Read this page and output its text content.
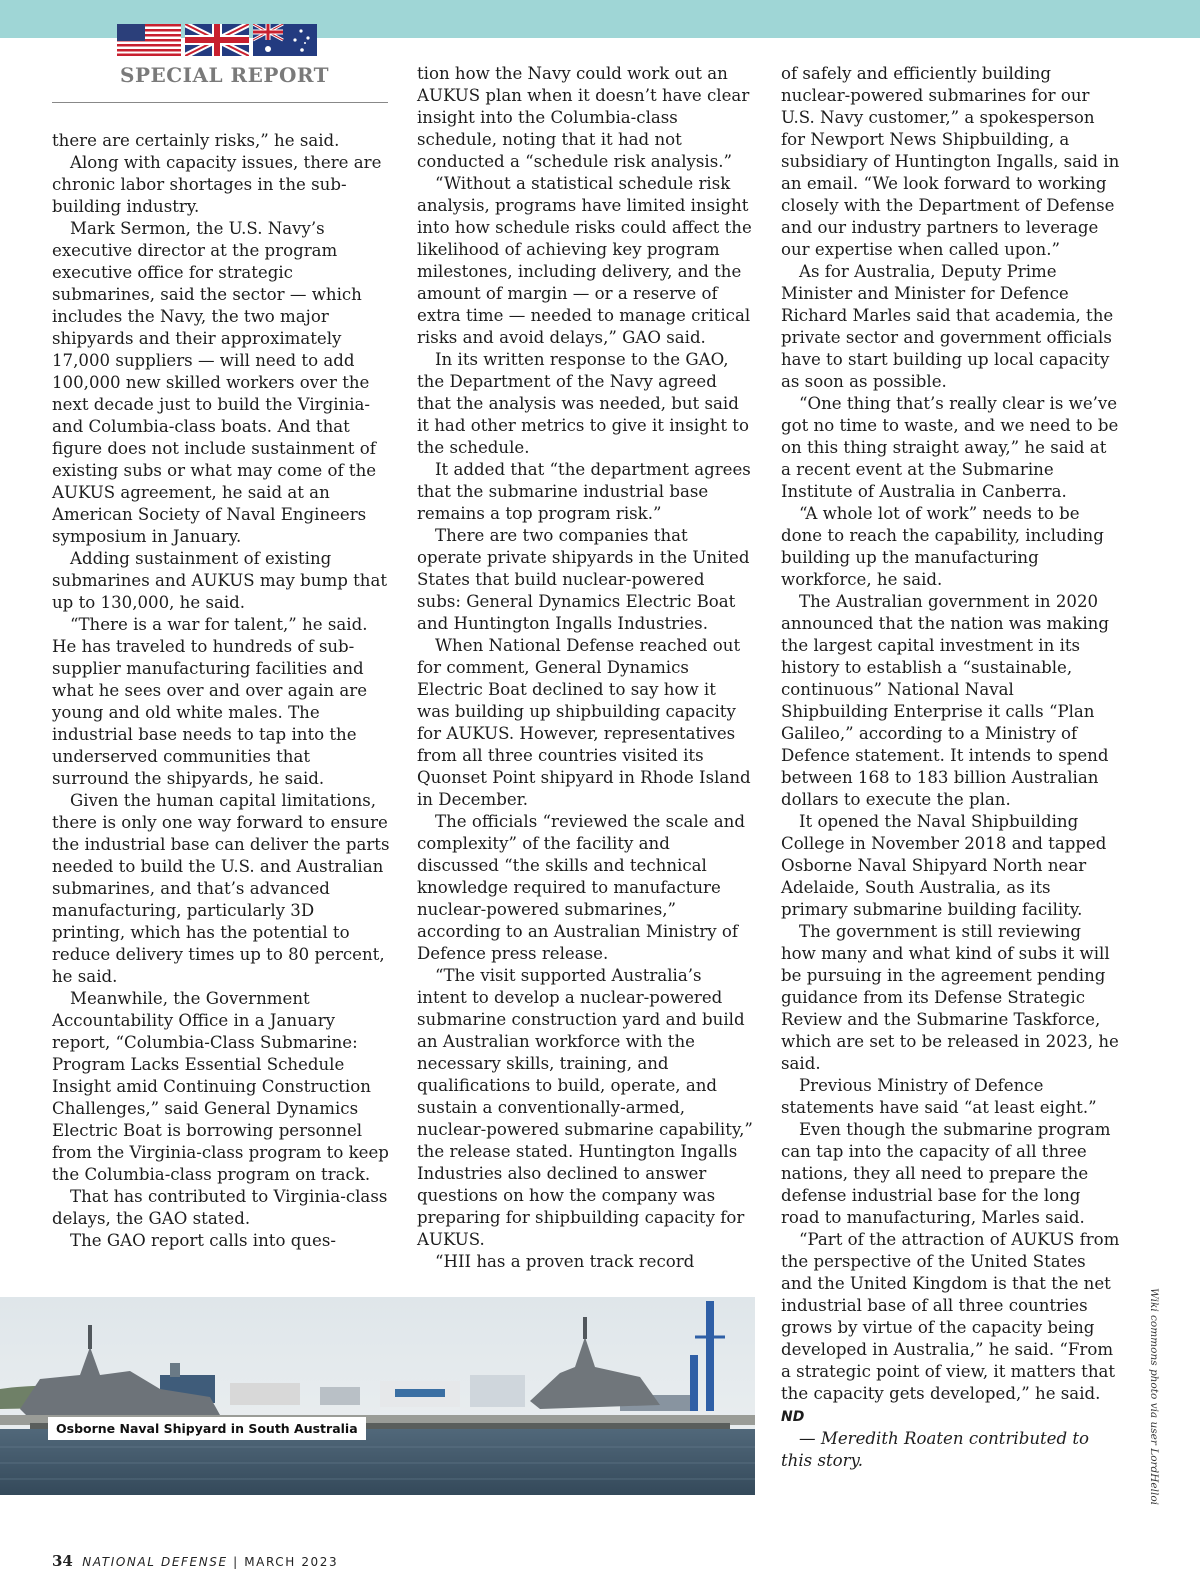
SPECIAL REPORT

there are certainly risks,” he said.

Along with capacity issues, there are chronic labor shortages in the sub-building industry.

Mark Sermon, the U.S. Navy’s executive director at the program executive office for strategic submarines, said the sector — which includes the Navy, the two major shipyards and their approximately 17,000 suppliers — will need to add 100,000 new skilled workers over the next decade just to build the Virginia- and Columbia-class boats. And that figure does not include sustainment of existing subs or what may come of the AUKUS agreement, he said at an American Society of Naval Engineers symposium in January.

Adding sustainment of existing submarines and AUKUS may bump that up to 130,000, he said.

“There is a war for talent,” he said. He has traveled to hundreds of sub-supplier manufacturing facilities and what he sees over and over again are young and old white males. The industrial base needs to tap into the underserved communities that surround the shipyards, he said.

Given the human capital limitations, there is only one way forward to ensure the industrial base can deliver the parts needed to build the U.S. and Australian submarines, and that’s advanced manufacturing, particularly 3D printing, which has the potential to reduce delivery times up to 80 percent, he said.

Meanwhile, the Government Accountability Office in a January report, “Columbia-Class Submarine: Program Lacks Essential Schedule Insight amid Continuing Construction Challenges,” said General Dynamics Electric Boat is borrowing personnel from the Virginia-class program to keep the Columbia-class program on track.

That has contributed to Virginia-class delays, the GAO stated.

The GAO report calls into ques-

tion how the Navy could work out an AUKUS plan when it doesn’t have clear insight into the Columbia-class schedule, noting that it had not conducted a “schedule risk analysis.”

“Without a statistical schedule risk analysis, programs have limited insight into how schedule risks could affect the likelihood of achieving key program milestones, including delivery, and the amount of margin — or a reserve of extra time — needed to manage critical risks and avoid delays,” GAO said.

In its written response to the GAO, the Department of the Navy agreed that the analysis was needed, but said it had other metrics to give it insight to the schedule.

It added that “the department agrees that the submarine industrial base remains a top program risk.”

There are two companies that operate private shipyards in the United States that build nuclear-powered subs: General Dynamics Electric Boat and Huntington Ingalls Industries.

When National Defense reached out for comment, General Dynamics Electric Boat declined to say how it was building up shipbuilding capacity for AUKUS. However, representatives from all three countries visited its Quonset Point shipyard in Rhode Island in December.

The officials “reviewed the scale and complexity” of the facility and discussed “the skills and technical knowledge required to manufacture nuclear-powered submarines,” according to an Australian Ministry of Defence press release.

“The visit supported Australia’s intent to develop a nuclear-powered submarine construction yard and build an Australian workforce with the necessary skills, training, and qualifications to build, operate, and sustain a conventionally-armed, nuclear-powered submarine capability,” the release stated. Huntington Ingalls Industries also declined to answer questions on how the company was preparing for shipbuilding capacity for AUKUS.

“HII has a proven track record

of safely and efficiently building nuclear-powered submarines for our U.S. Navy customer,” a spokesperson for Newport News Shipbuilding, a subsidiary of Huntington Ingalls, said in an email. “We look forward to working closely with the Department of Defense and our industry partners to leverage our expertise when called upon.”

As for Australia, Deputy Prime Minister and Minister for Defence Richard Marles said that academia, the private sector and government officials have to start building up local capacity as soon as possible.

“One thing that’s really clear is we’ve got no time to waste, and we need to be on this thing straight away,” he said at a recent event at the Submarine Institute of Australia in Canberra.

“A whole lot of work” needs to be done to reach the capability, including building up the manufacturing workforce, he said.

The Australian government in 2020 announced that the nation was making the largest capital investment in its history to establish a “sustainable, continuous” National Naval Shipbuilding Enterprise it calls “Plan Galileo,” according to a Ministry of Defence statement. It intends to spend between 168 to 183 billion Australian dollars to execute the plan.

It opened the Naval Shipbuilding College in November 2018 and tapped Osborne Naval Shipyard North near Adelaide, South Australia, as its primary submarine building facility.

The government is still reviewing how many and what kind of subs it will be pursuing in the agreement pending guidance from its Defense Strategic Review and the Submarine Taskforce, which are set to be released in 2023, he said.

Previous Ministry of Defence statements have said “at least eight.”

Even though the submarine program can tap into the capacity of all three nations, they all need to prepare the defense industrial base for the long road to manufacturing, Marles said.

“Part of the attraction of AUKUS from the perspective of the United States and the United Kingdom is that the net industrial base of all three countries grows by virtue of the capacity being developed in Australia,” he said. “From a strategic point of view, it matters that the capacity gets developed,” he said. ND

— Meredith Roaten contributed to this story.

Osborne Naval Shipyard in South Australia	Wiki commons photo via user LordHelloi
34 NATIONAL DEFENSE | MARCH 2023
